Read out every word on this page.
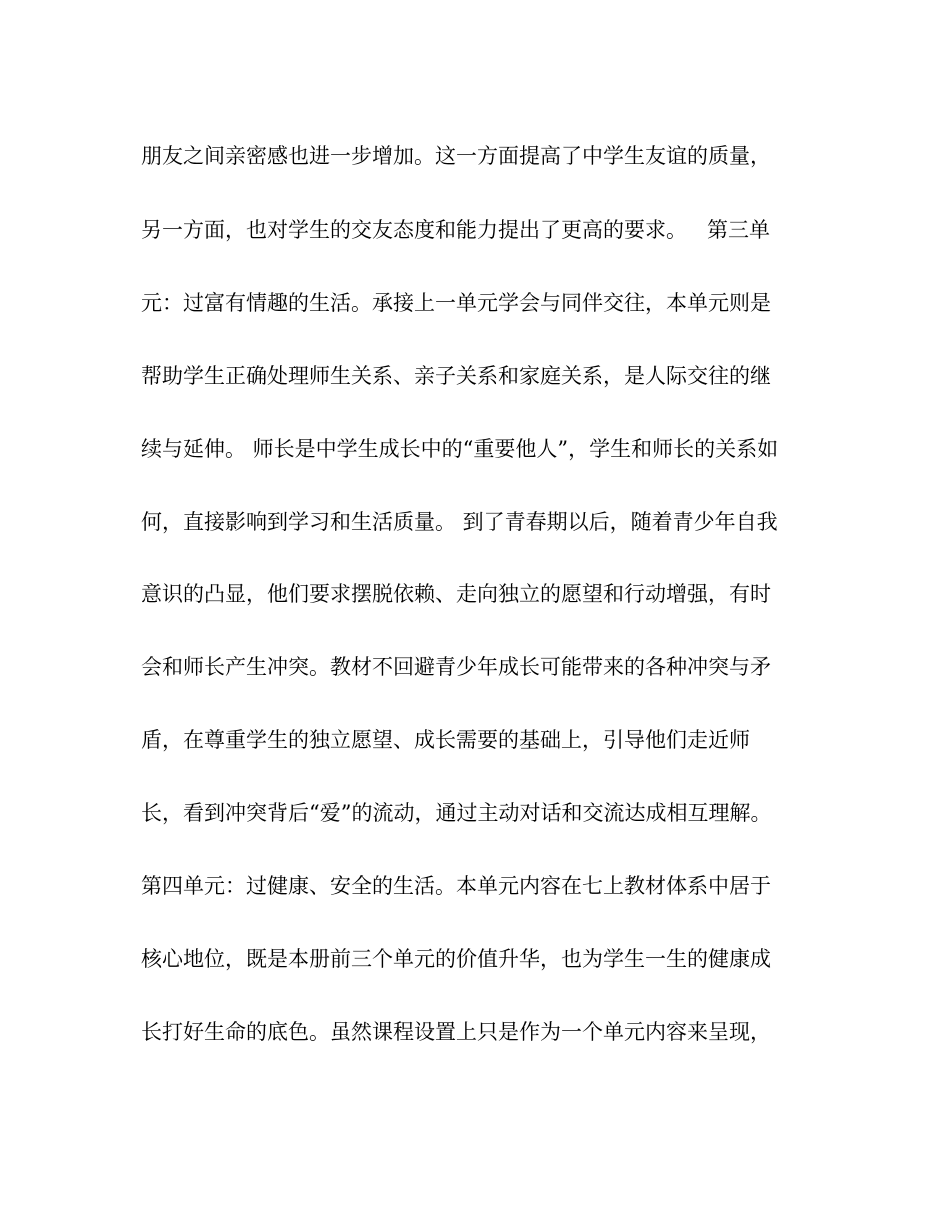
朋友之间亲密感也进一步增加。这一方面提高了中学生友谊的质量，
另一方面，也对学生的交友态度和能力提出了更高的要求。   第三单
元：过富有情趣的生活。承接上一单元学会与同伴交往，本单元则是
帮助学生正确处理师生关系、亲子关系和家庭关系，是人际交往的继
续与延伸。 师长是中学生成长中的“重要他人”，学生和师长的关系如
何，直接影响到学习和生活质量。 到了青春期以后，随着青少年自我
意识的凸显，他们要求摆脱依赖、走向独立的愿望和行动增强，有时
会和师长产生冲突。教材不回避青少年成长可能带来的各种冲突与矛
盾，在尊重学生的独立愿望、成长需要的基础上，引导他们走近师
长，看到冲突背后“爱”的流动，通过主动对话和交流达成相互理解。
第四单元：过健康、安全的生活。本单元内容在七上教材体系中居于
核心地位，既是本册前三个单元的价值升华，也为学生一生的健康成
长打好生命的底色。虽然课程设置上只是作为一个单元内容来呈现，
